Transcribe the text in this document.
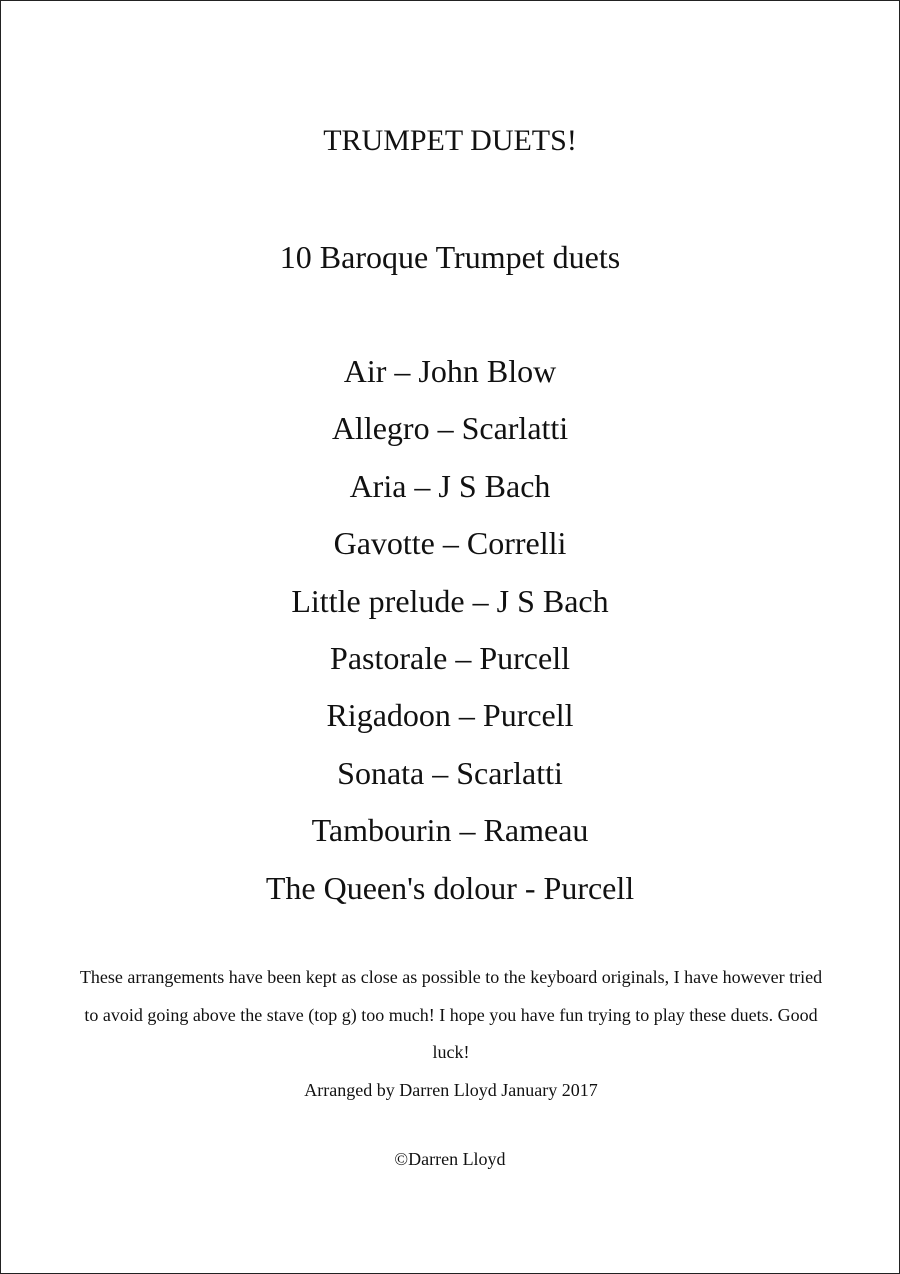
TRUMPET DUETS!
10 Baroque Trumpet duets
Air – John Blow
Allegro – Scarlatti
Aria – J S Bach
Gavotte – Correlli
Little prelude – J S Bach
Pastorale – Purcell
Rigadoon – Purcell
Sonata – Scarlatti
Tambourin – Rameau
The Queen's dolour - Purcell

These arrangements have been kept as close as possible to the keyboard originals, I have however tried to avoid going above the stave (top g) too much! I hope you have fun trying to play these duets. Good luck!

Arranged by Darren Lloyd January 2017

©Darren Lloyd
